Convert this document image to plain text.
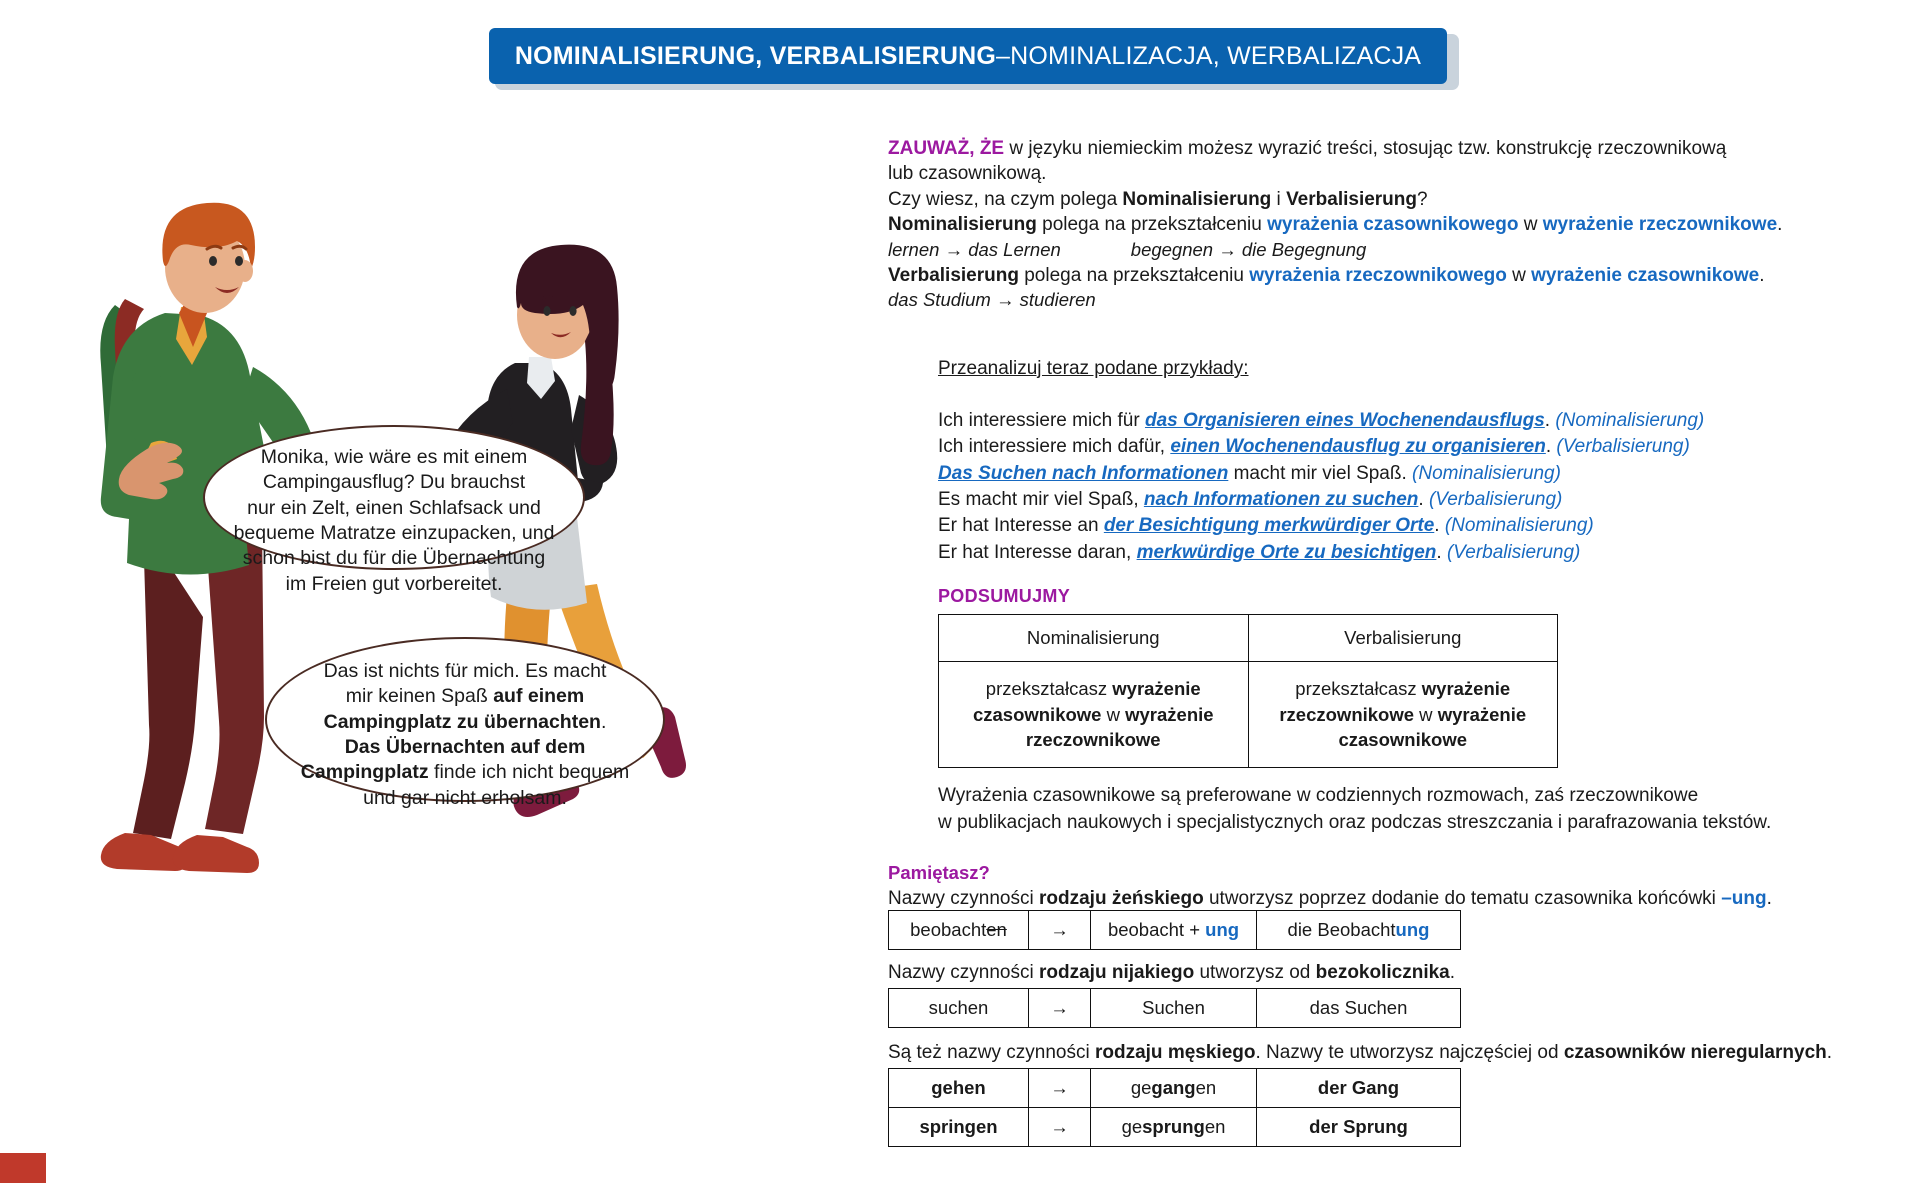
NOMINALISIERUNG, VERBALISIERUNG – NOMINALIZACJA, WERBALIZACJA
Monika, wie wäre es mit einem
Campingausflug? Du brauchst
nur ein Zelt, einen Schlafsack und
bequeme Matratze einzupacken, und
schon bist du für die Übernachtung
im Freien gut vorbereitet.
Das ist nichts für mich. Es macht
mir keinen Spaß auf einem
Campingplatz zu übernachten.
Das Übernachten auf dem
Campingplatz finde ich nicht bequem
und gar nicht erholsam.
ZAUWAŻ, ŻE w języku niemieckim możesz wyrazić treści, stosując tzw. konstrukcję rzeczownikową
lub czasownikową.
Czy wiesz, na czym polega Nominalisierung i Verbalisierung?
Nominalisierung polega na przekształceniu wyrażenia czasownikowego w wyrażenie rzeczownikowe.
lernen → das Lernen	begegnen → die Begegnung
Verbalisierung polega na przekształceniu wyrażenia rzeczownikowego w wyrażenie czasownikowe.
das Studium → studieren
Przeanalizuj teraz podane przykłady:
Ich interessiere mich für das Organisieren eines Wochenendausflugs. (Nominalisierung)
Ich interessiere mich dafür, einen Wochenendausflug zu organisieren. (Verbalisierung)
Das Suchen nach Informationen macht mir viel Spaß. (Nominalisierung)
Es macht mir viel Spaß, nach Informationen zu suchen. (Verbalisierung)
Er hat Interesse an der Besichtigung merkwürdiger Orte. (Nominalisierung)
Er hat Interesse daran, merkwürdige Orte zu besichtigen. (Verbalisierung)
PODSUMUJMY
Nominalisierung	Verbalisierung
przekształcasz wyrażenie czasownikowe w wyrażenie rzeczownikowe	przekształcasz wyrażenie rzeczownikowe w wyrażenie czasownikowe
Wyrażenia czasownikowe są preferowane w codziennych rozmowach, zaś rzeczownikowe
w publikacjach naukowych i specjalistycznych oraz podczas streszczania i parafrazowania tekstów.
Pamiętasz?
Nazwy czynności rodzaju żeńskiego utworzysz poprzez dodanie do tematu czasownika końcówki –ung.
beobachten	→	beobacht + ung	die Beobachtung
Nazwy czynności rodzaju nijakiego utworzysz od bezokolicznika.
suchen	→	Suchen	das Suchen
Są też nazwy czynności rodzaju męskiego. Nazwy te utworzysz najczęściej od czasowników nieregularnych.
gehen	→	gegangen	der Gang
springen	→	gesprungen	der Sprung
